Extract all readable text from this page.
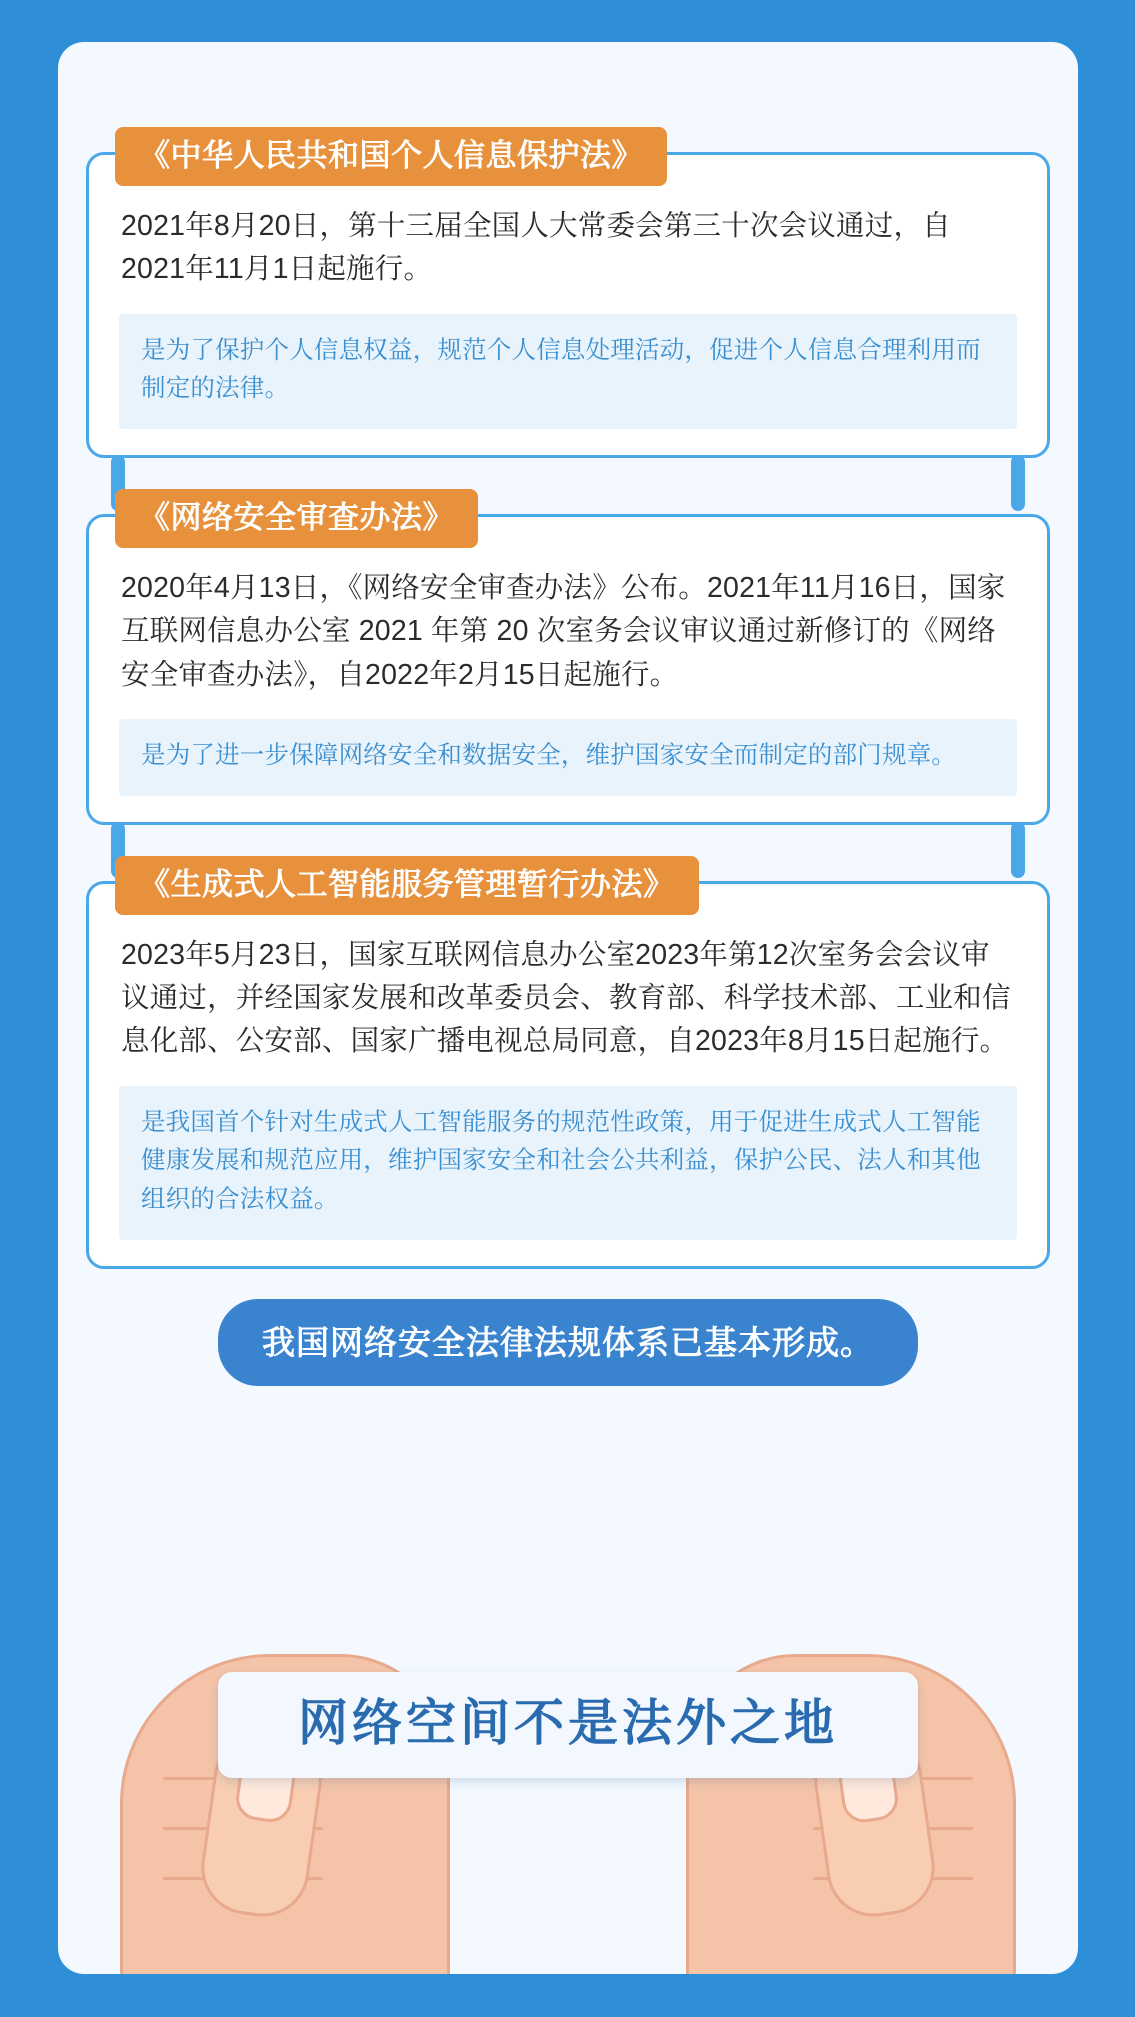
《中华人民共和国个人信息保护法》
2021年8月20日，第十三届全国人大常委会第三十次会议通过，自2021年11月1日起施行。
是为了保护个人信息权益，规范个人信息处理活动，促进个人信息合理利用而制定的法律。
《网络安全审查办法》
2020年4月13日，《网络安全审查办法》公布。2021年11月16日，国家互联网信息办公室 2021 年第 20 次室务会议审议通过新修订的《网络安全审查办法》，自2022年2月15日起施行。
是为了进一步保障网络安全和数据安全，维护国家安全而制定的部门规章。
《生成式人工智能服务管理暂行办法》
2023年5月23日，国家互联网信息办公室2023年第12次室务会会议审议通过，并经国家发展和改革委员会、教育部、科学技术部、工业和信息化部、公安部、国家广播电视总局同意，自2023年8月15日起施行。
是我国首个针对生成式人工智能服务的规范性政策，用于促进生成式人工智能健康发展和规范应用，维护国家安全和社会公共利益，保护公民、法人和其他组织的合法权益。
我国网络安全法律法规体系已基本形成。
网络空间不是法外之地
